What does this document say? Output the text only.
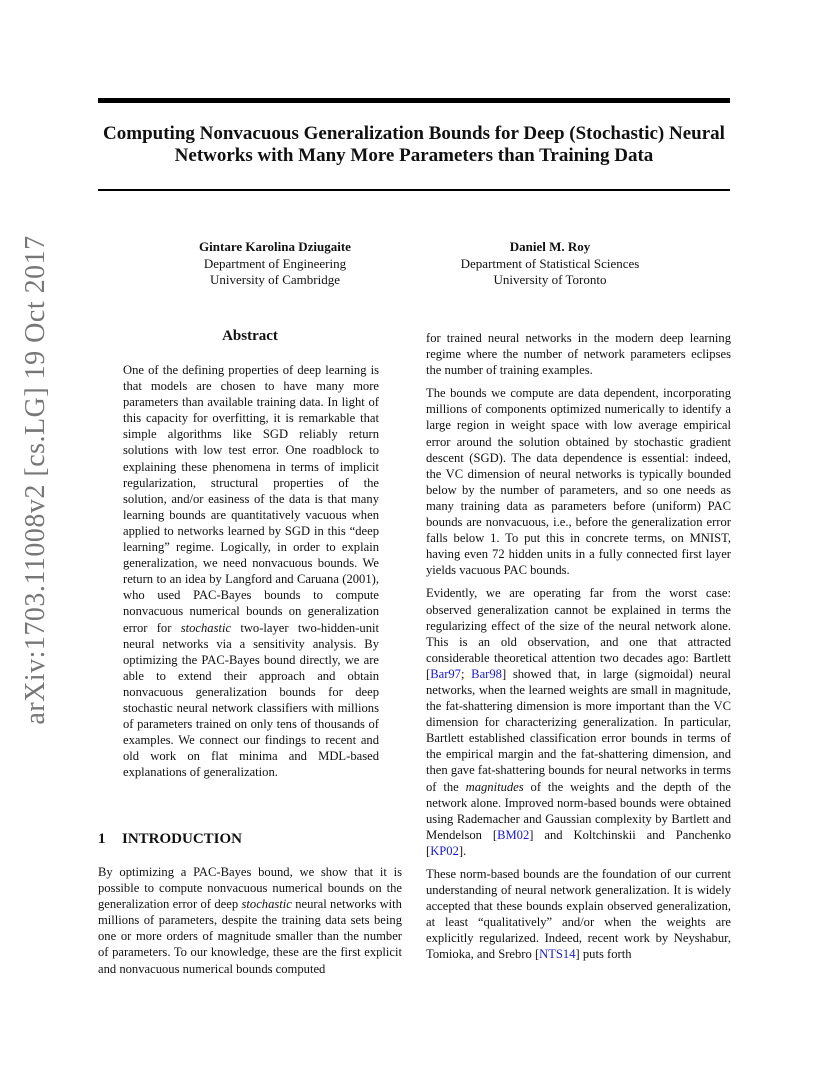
Computing Nonvacuous Generalization Bounds for Deep (Stochastic) Neural
Networks with Many More Parameters than Training Data
Gintare Karolina Dziugaite
Department of Engineering
University of Cambridge
Daniel M. Roy
Department of Statistical Sciences
University of Toronto
arXiv:1703.11008v2 [cs.LG] 19 Oct 2017	Abstract
One of the defining properties of deep learning is that models are chosen to have many more parameters than available training data. In light of this capacity for overfitting, it is remarkable that simple algorithms like SGD reliably return solutions with low test error. One roadblock to explaining these phenomena in terms of implicit regularization, structural properties of the solution, and/or easiness of the data is that many learning bounds are quantitatively vacuous when applied to networks learned by SGD in this “deep learning” regime. Logically, in order to explain generalization, we need nonvacuous bounds. We return to an idea by Langford and Caruana (2001), who used PAC-Bayes bounds to compute nonvacuous numerical bounds on generalization error for stochastic two-layer two-hidden-unit neural networks via a sensitivity analysis. By optimizing the PAC-Bayes bound directly, we are able to extend their approach and obtain nonvacuous generalization bounds for deep stochastic neural network classifiers with millions of parameters trained on only tens of thousands of examples. We connect our findings to recent and old work on flat minima and MDL-based explanations of generalization.
1 INTRODUCTION
By optimizing a PAC-Bayes bound, we show that it is possible to compute nonvacuous numerical bounds on the generalization error of deep stochastic neural networks with millions of parameters, despite the training data sets being one or more orders of magnitude smaller than the number of parameters. To our knowledge, these are the first explicit and nonvacuous numerical bounds computed

for trained neural networks in the modern deep learning regime where the number of network parameters eclipses the number of training examples.

The bounds we compute are data dependent, incorporating millions of components optimized numerically to identify a large region in weight space with low average empirical error around the solution obtained by stochastic gradient descent (SGD). The data dependence is essential: indeed, the VC dimension of neural networks is typically bounded below by the number of parameters, and so one needs as many training data as parameters before (uniform) PAC bounds are nonvacuous, i.e., before the generalization error falls below 1. To put this in concrete terms, on MNIST, having even 72 hidden units in a fully connected first layer yields vacuous PAC bounds.

Evidently, we are operating far from the worst case: observed generalization cannot be explained in terms the regularizing effect of the size of the neural network alone. This is an old observation, and one that attracted considerable theoretical attention two decades ago: Bartlett [Bar97; Bar98] showed that, in large (sigmoidal) neural networks, when the learned weights are small in magnitude, the fat-shattering dimension is more important than the VC dimension for characterizing generalization. In particular, Bartlett established classification error bounds in terms of the empirical margin and the fat-shattering dimension, and then gave fat-shattering bounds for neural networks in terms of the magnitudes of the weights and the depth of the network alone. Improved norm-based bounds were obtained using Rademacher and Gaussian complexity by Bartlett and Mendelson [BM02] and Koltchinskii and Panchenko [KP02].

These norm-based bounds are the foundation of our current understanding of neural network generalization. It is widely accepted that these bounds explain observed generalization, at least “qualitatively” and/or when the weights are explicitly regularized. Indeed, recent work by Neyshabur, Tomioka, and Srebro [NTS14] puts forth
